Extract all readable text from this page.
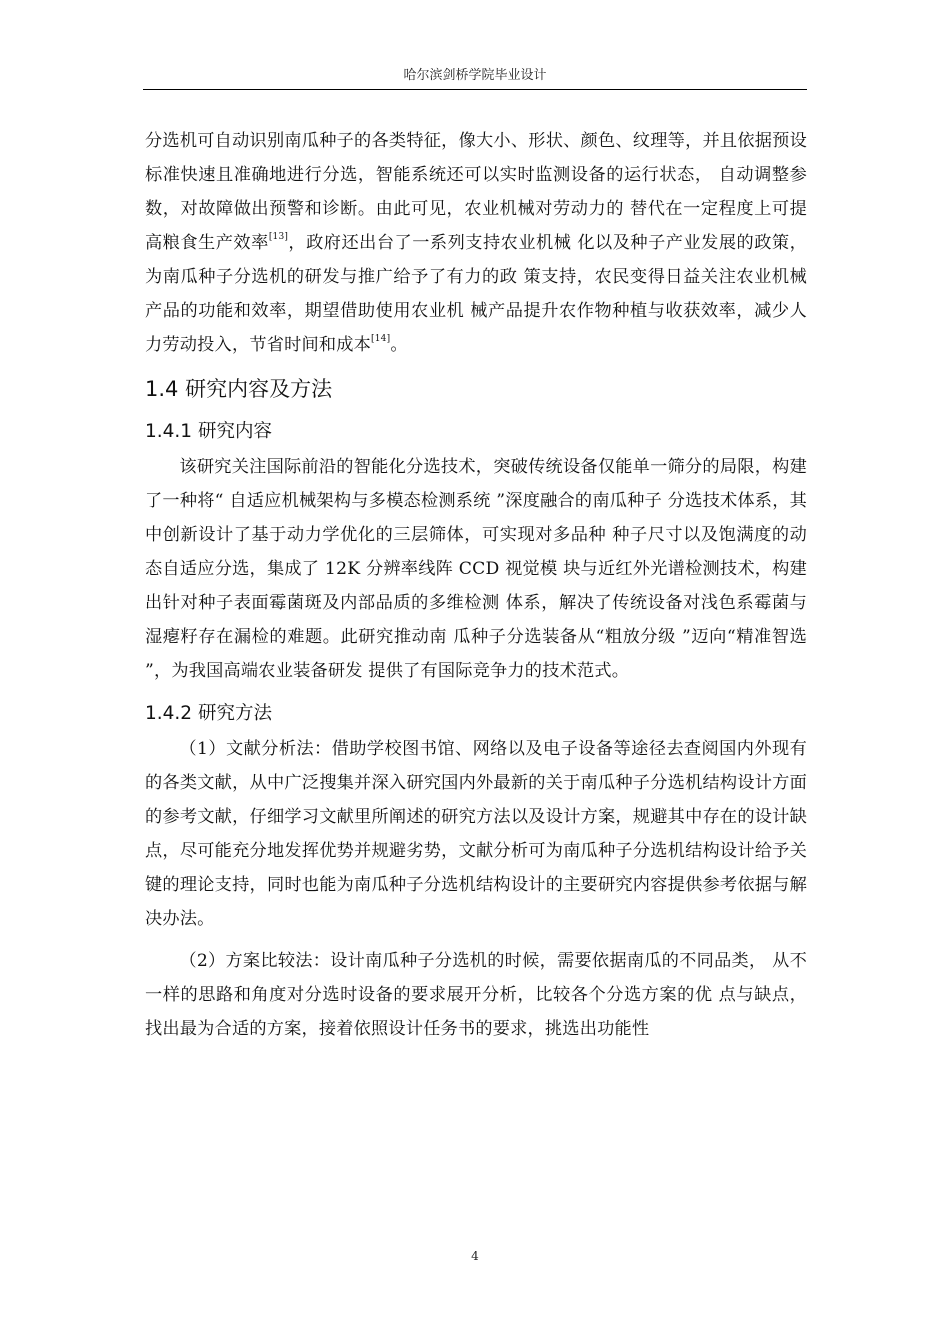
哈尔滨剑桥学院毕业设计

分选机可自动识别南瓜种子的各类特征，像大小、形状、颜色、纹理等，并且依据预设标准快速且准确地进行分选，智能系统还可以实时监测设备的运行状态， 自动调整参数，对故障做出预警和诊断。由此可见，农业机械对劳动力的 替代在一定程度上可提高粮食生产效率[13]，政府还出台了一系列支持农业机械 化以及种子产业发展的政策，为南瓜种子分选机的研发与推广给予了有力的政 策支持，农民变得日益关注农业机械产品的功能和效率，期望借助使用农业机 械产品提升农作物种植与收获效率，减少人力劳动投入，节省时间和成本[14]。

1.4 研究内容及方法
1.4.1 研究内容

该研究关注国际前沿的智能化分选技术，突破传统设备仅能单一筛分的局限，构建了一种将“ 自适应机械架构与多模态检测系统 ”深度融合的南瓜种子 分选技术体系，其中创新设计了基于动力学优化的三层筛体，可实现对多品种 种子尺寸以及饱满度的动态自适应分选，集成了 12K 分辨率线阵 CCD 视觉模 块与近红外光谱检测技术，构建出针对种子表面霉菌斑及内部品质的多维检测 体系，解决了传统设备对浅色系霉菌与湿瘪籽存在漏检的难题。此研究推动南 瓜种子分选装备从“粗放分级 ”迈向“精准智选 ”，为我国高端农业装备研发 提供了有国际竞争力的技术范式。

1.4.2 研究方法

（1）文献分析法：借助学校图书馆、网络以及电子设备等途径去查阅国内外现有的各类文献，从中广泛搜集并深入研究国内外最新的关于南瓜种子分选机结构设计方面的参考文献，仔细学习文献里所阐述的研究方法以及设计方案，规避其中存在的设计缺点，尽可能充分地发挥优势并规避劣势，文献分析可为南瓜种子分选机结构设计给予关键的理论支持，同时也能为南瓜种子分选机结构设计的主要研究内容提供参考依据与解决办法。

（2）方案比较法：设计南瓜种子分选机的时候，需要依据南瓜的不同品类， 从不一样的思路和角度对分选时设备的要求展开分析，比较各个分选方案的优 点与缺点，找出最为合适的方案，接着依照设计任务书的要求，挑选出功能性

4
